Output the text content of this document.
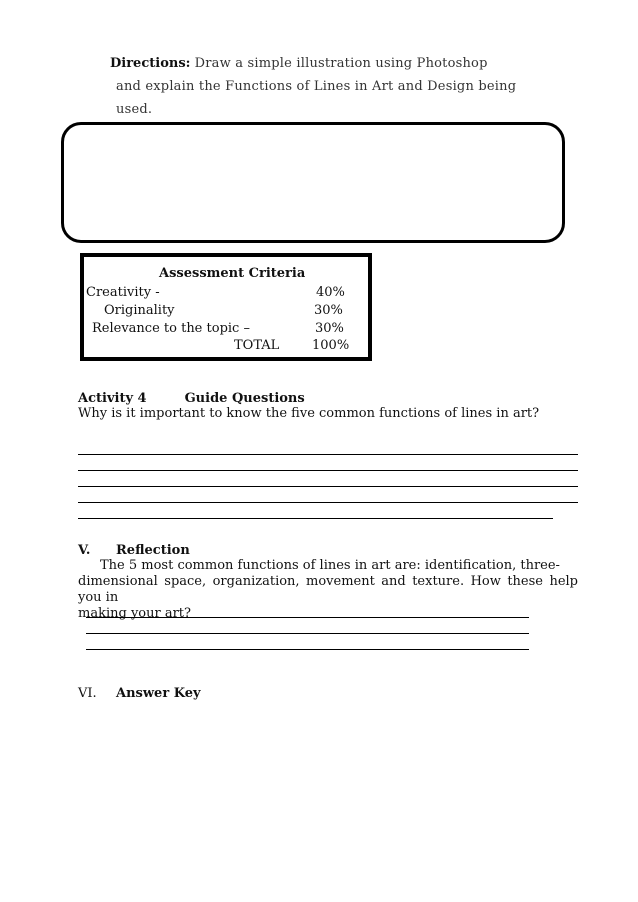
Directions: Draw a simple illustration using Photoshop
and explain the Functions of Lines in Art and Design being
used.
Assessment Criteria
Creativity -	40%
Originality	30%
Relevance to the topic –	30%
TOTAL	100%
Activity 4	Guide Questions
Why is it important to know the five common functions of lines in art?
V. Reflection
The 5 most common functions of lines in art are: identification, three-
dimensional space, organization, movement and texture. How these help you in
making your art?
VI. Answer Key
